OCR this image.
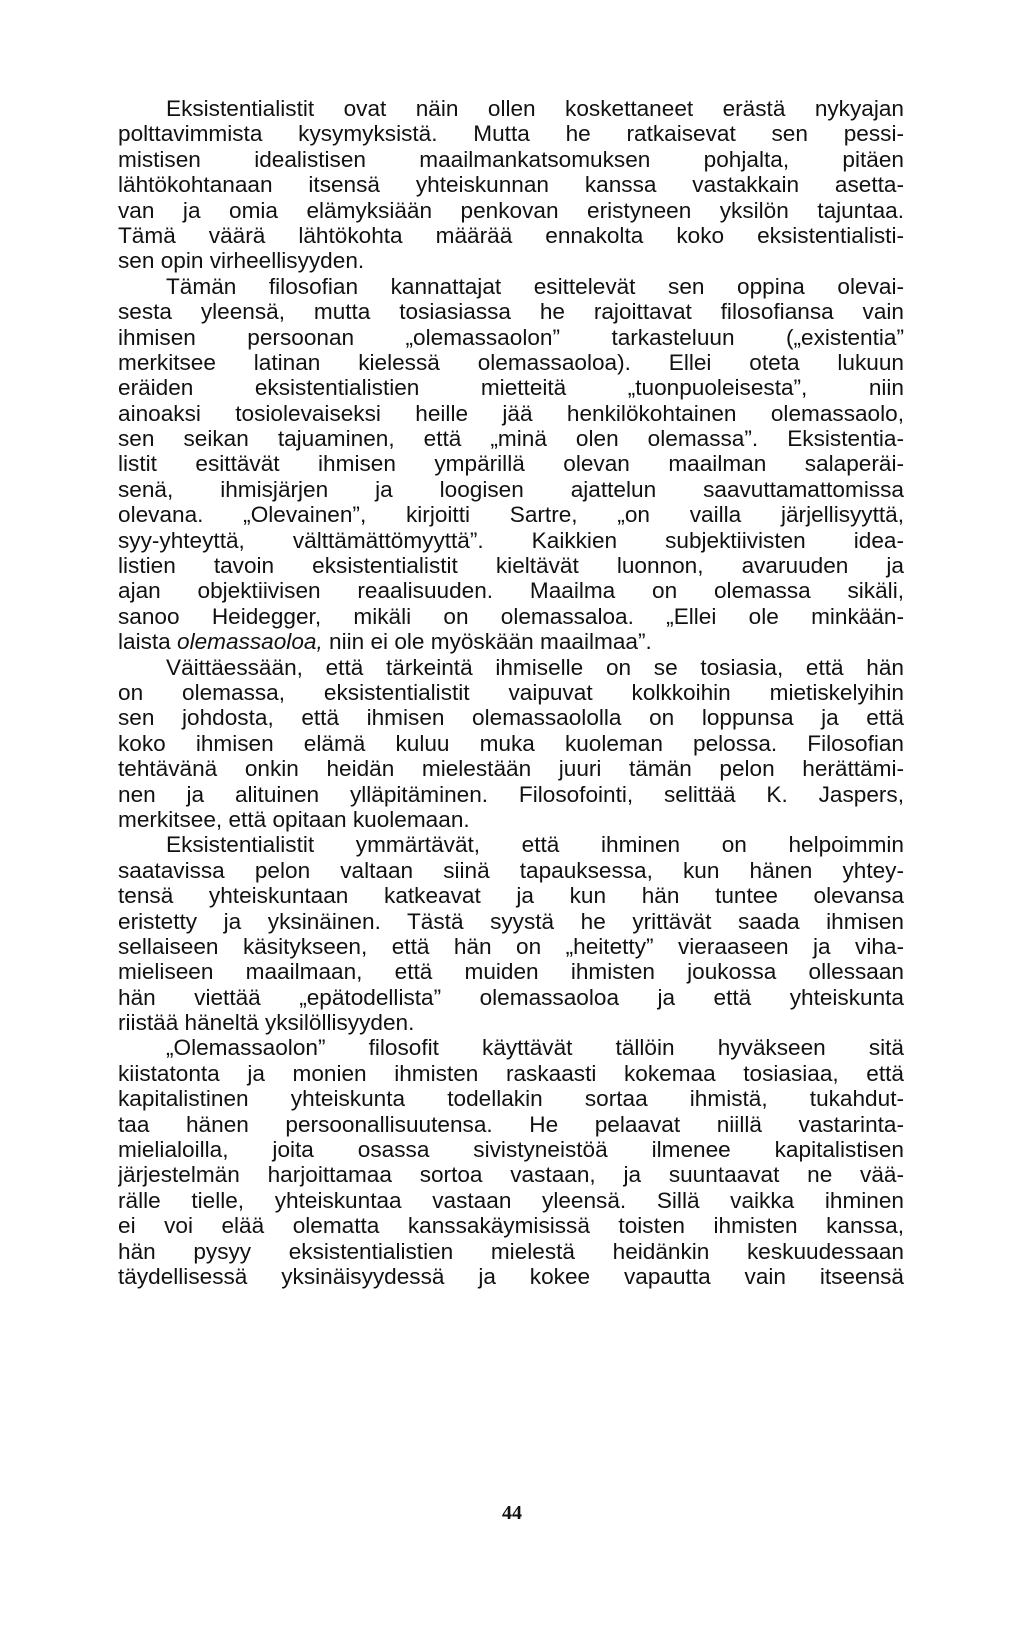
Eksistentialistit ovat näin ollen koskettaneet erästä nykyajan
polttavimmista kysymyksistä. Mutta he ratkaisevat sen pessi-
mistisen idealistisen maailmankatsomuksen pohjalta, pitäen
lähtökohtanaan itsensä yhteiskunnan kanssa vastakkain asetta-
van ja omia elämyksiään penkovan eristyneen yksilön tajuntaa.
Tämä väärä lähtökohta määrää ennakolta koko eksistentialisti-
sen opin virheellisyyden.
Tämän filosofian kannattajat esittelevät sen oppina olevai-
sesta yleensä, mutta tosiasiassa he rajoittavat filosofiansa vain
ihmisen persoonan „olemassaolon” tarkasteluun („existentia”
merkitsee latinan kielessä olemassaoloa). Ellei oteta lukuun
eräiden eksistentialistien mietteitä „tuonpuoleisesta”, niin
ainoaksi tosiolevaiseksi heille jää henkilökohtainen olemassaolo,
sen seikan tajuaminen, että „minä olen olemassa”. Eksistentia-
listit esittävät ihmisen ympärillä olevan maailman salaperäi-
senä, ihmisjärjen ja loogisen ajattelun saavuttamattomissa
olevana. „Olevainen”, kirjoitti Sartre, „on vailla järjellisyyttä,
syy-yhteyttä, välttämättömyyttä”. Kaikkien subjektiivisten idea-
listien tavoin eksistentialistit kieltävät luonnon, avaruuden ja
ajan objektiivisen reaalisuuden. Maailma on olemassa sikäli,
sanoo Heidegger, mikäli on olemassaloa. „Ellei ole minkään-
laista olemassaoloa, niin ei ole myöskään maailmaa”.
Väittäessään, että tärkeintä ihmiselle on se tosiasia, että hän
on olemassa, eksistentialistit vaipuvat kolkkoihin mietiskelyihin
sen johdosta, että ihmisen olemassaololla on loppunsa ja että
koko ihmisen elämä kuluu muka kuoleman pelossa. Filosofian
tehtävänä onkin heidän mielestään juuri tämän pelon herättämi-
nen ja alituinen ylläpitäminen. Filosofointi, selittää K. Jaspers,
merkitsee, että opitaan kuolemaan.
Eksistentialistit ymmärtävät, että ihminen on helpoimmin
saatavissa pelon valtaan siinä tapauksessa, kun hänen yhtey-
tensä yhteiskuntaan katkeavat ja kun hän tuntee olevansa
eristetty ja yksinäinen. Tästä syystä he yrittävät saada ihmisen
sellaiseen käsitykseen, että hän on „heitetty” vieraaseen ja viha-
mieliseen maailmaan, että muiden ihmisten joukossa ollessaan
hän viettää „epätodellista” olemassaoloa ja että yhteiskunta
riistää häneltä yksilöllisyyden.
„Olemassaolon” filosofit käyttävät tällöin hyväkseen sitä
kiistatonta ja monien ihmisten raskaasti kokemaa tosiasiaa, että
kapitalistinen yhteiskunta todellakin sortaa ihmistä, tukahdut-
taa hänen persoonallisuutensa. He pelaavat niillä vastarinta-
mielialoilla, joita osassa sivistyneistöä ilmenee kapitalistisen
järjestelmän harjoittamaa sortoa vastaan, ja suuntaavat ne vää-
rälle tielle, yhteiskuntaa vastaan yleensä. Sillä vaikka ihminen
ei voi elää olematta kanssakäymisissä toisten ihmisten kanssa,
hän pysyy eksistentialistien mielestä heidänkin keskuudessaan
täydellisessä yksinäisyydessä ja kokee vapautta vain itseensä
44
